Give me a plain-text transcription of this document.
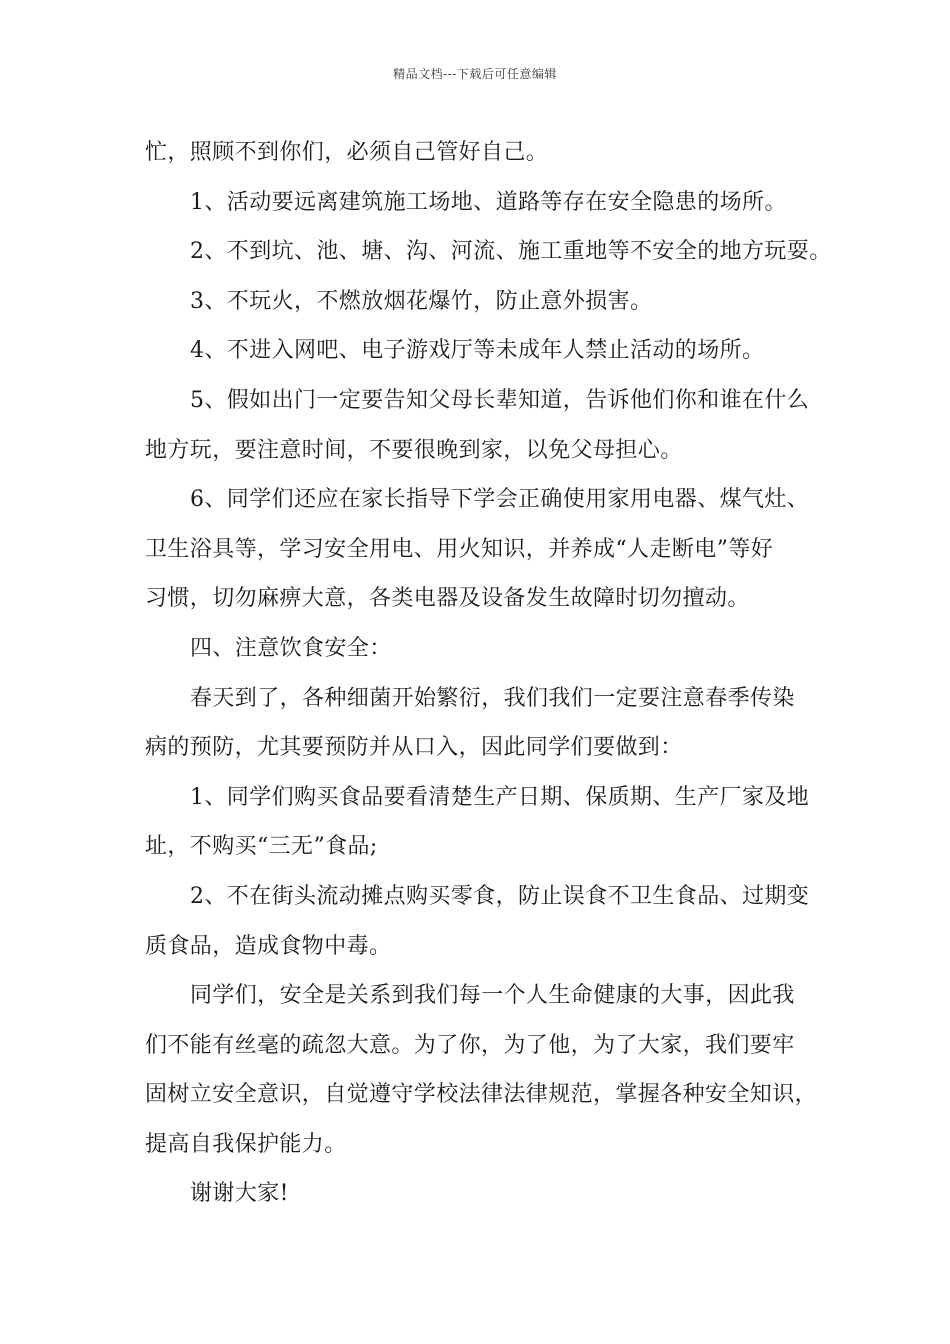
精品文档---下载后可任意编辑
忙，照顾不到你们，必须自己管好自己。
1、活动要远离建筑施工场地、道路等存在安全隐患的场所。
2、不到坑、池、塘、沟、河流、施工重地等不安全的地方玩耍。
3、不玩火，不燃放烟花爆竹，防止意外损害。
4、不进入网吧、电子游戏厅等未成年人禁止活动的场所。
5、假如出门一定要告知父母长辈知道，告诉他们你和谁在什么
地方玩，要注意时间，不要很晚到家，以免父母担心。
6、同学们还应在家长指导下学会正确使用家用电器、煤气灶、
卫生浴具等，学习安全用电、用火知识，并养成“人走断电”等好
习惯，切勿麻痹大意，各类电器及设备发生故障时切勿擅动。
四、注意饮食安全：
春天到了，各种细菌开始繁衍，我们我们一定要注意春季传染
病的预防，尤其要预防并从口入，因此同学们要做到：
1、同学们购买食品要看清楚生产日期、保质期、生产厂家及地
址，不购买“三无”食品;
2、不在街头流动摊点购买零食，防止误食不卫生食品、过期变
质食品，造成食物中毒。
同学们，安全是关系到我们每一个人生命健康的大事，因此我
们不能有丝毫的疏忽大意。为了你，为了他，为了大家，我们要牢
固树立安全意识，自觉遵守学校法律法律规范，掌握各种安全知识，
提高自我保护能力。
谢谢大家!
